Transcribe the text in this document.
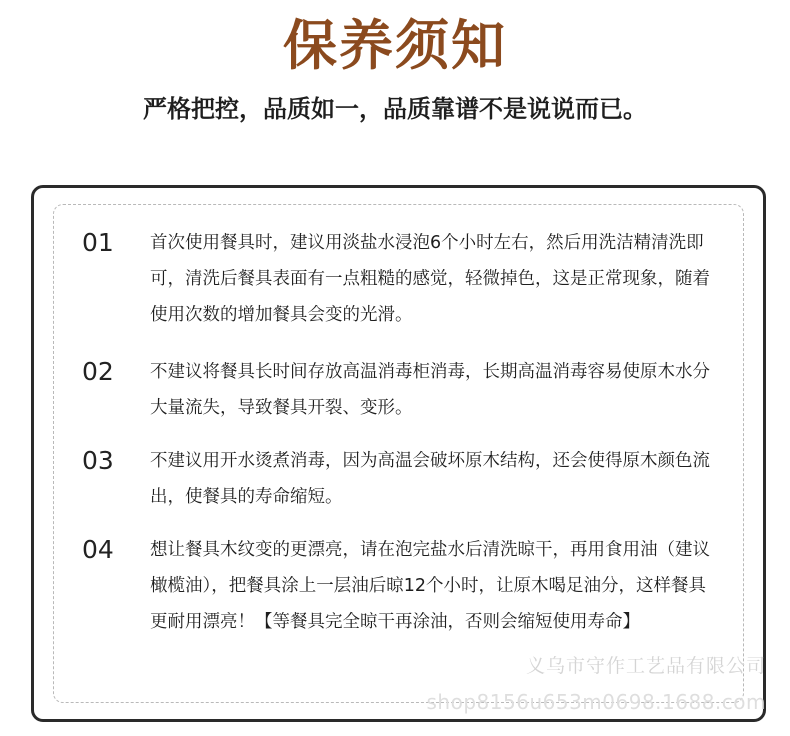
保养须知
严格把控，品质如一，品质靠谱不是说说而已。
01 首次使用餐具时，建议用淡盐水浸泡6个小时左右，然后用洗洁精清洗即可，清洗后餐具表面有一点粗糙的感觉，轻微掉色，这是正常现象，随着使用次数的增加餐具会变的光滑。
02 不建议将餐具长时间存放高温消毒柜消毒，长期高温消毒容易使原木水分大量流失，导致餐具开裂、变形。
03 不建议用开水烫煮消毒，因为高温会破坏原木结构，还会使得原木颜色流出，使餐具的寿命缩短。
04 想让餐具木纹变的更漂亮，请在泡完盐水后清洗晾干，再用食用油（建议橄榄油），把餐具涂上一层油后晾12个小时，让原木喝足油分，这样餐具更耐用漂亮！【等餐具完全晾干再涂油，否则会缩短使用寿命】
义乌市守作工艺品有限公司
shop8156u653m0698.1688.com
